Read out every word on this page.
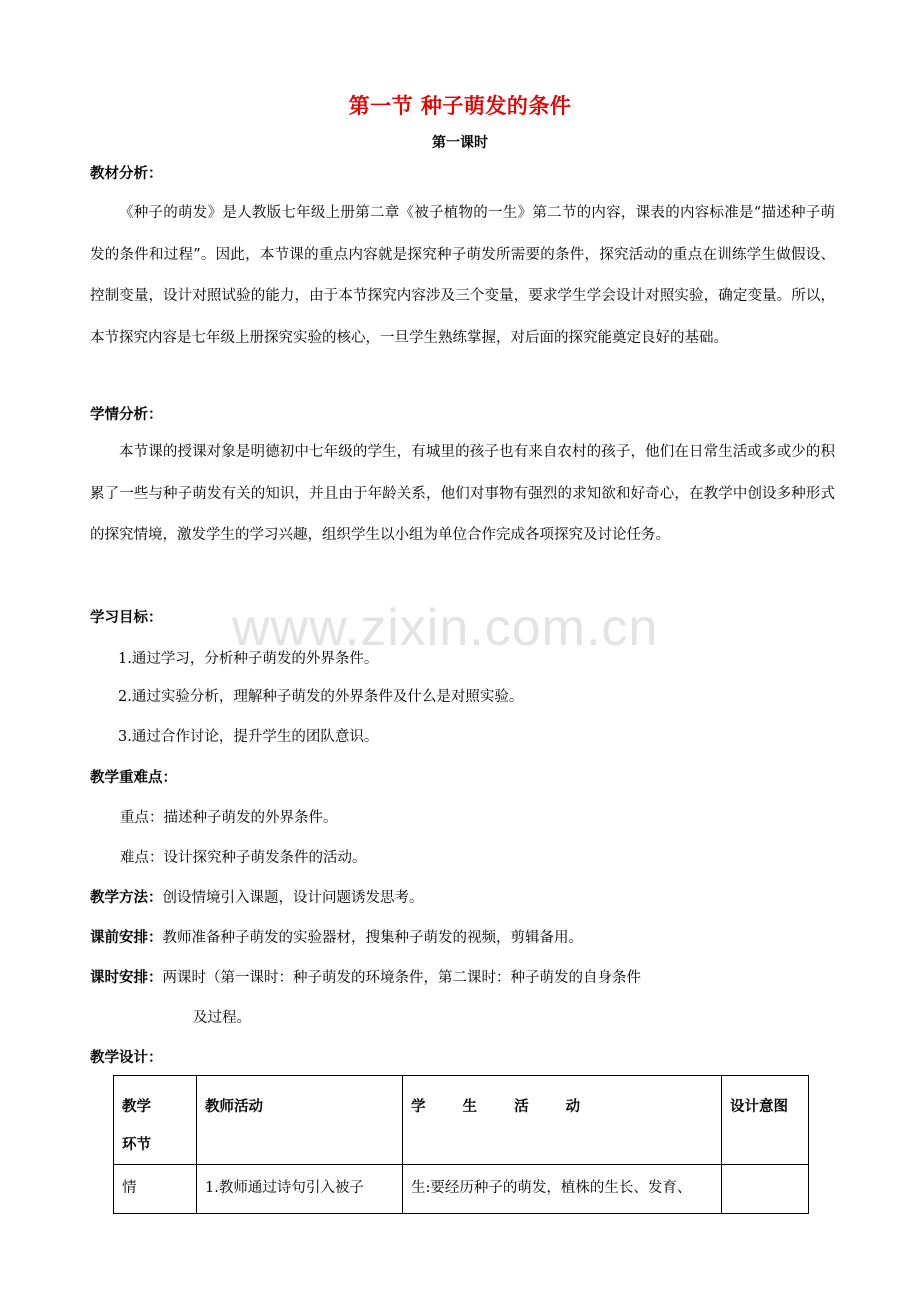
www.zixin.com.cn
第一节 种子萌发的条件
第一课时
教材分析：
《种子的萌发》是人教版七年级上册第二章《被子植物的一生》第二节的内容，课表的内容标准是“描述种子萌发的条件和过程”。因此，本节课的重点内容就是探究种子萌发所需要的条件，探究活动的重点在训练学生做假设、控制变量，设计对照试验的能力，由于本节探究内容涉及三个变量，要求学生学会设计对照实验，确定变量。所以，本节探究内容是七年级上册探究实验的核心，一旦学生熟练掌握，对后面的探究能奠定良好的基础。
学情分析：
本节课的授课对象是明德初中七年级的学生，有城里的孩子也有来自农村的孩子，他们在日常生活或多或少的积累了一些与种子萌发有关的知识，并且由于年龄关系，他们对事物有强烈的求知欲和好奇心，在教学中创设多种形式的探究情境，激发学生的学习兴趣，组织学生以小组为单位合作完成各项探究及讨论任务。
学习目标：
1.通过学习，分析种子萌发的外界条件。
2.通过实验分析，理解种子萌发的外界条件及什么是对照实验。
3.通过合作讨论，提升学生的团队意识。
教学重难点：
重点：描述种子萌发的外界条件。
难点：设计探究种子萌发条件的活动。
教学方法：创设情境引入课题，设计问题诱发思考。
课前安排：教师准备种子萌发的实验器材，搜集种子萌发的视频，剪辑备用。
课时安排：两课时（第一课时：种子萌发的环境条件，第二课时：种子萌发的自身条件
及过程。
教学设计：
教学
环节	教师活动	学 生 活 动	设计意图

情	1.教师通过诗句引入被子	生:要经历种子的萌发，植株的生长、发育、	
